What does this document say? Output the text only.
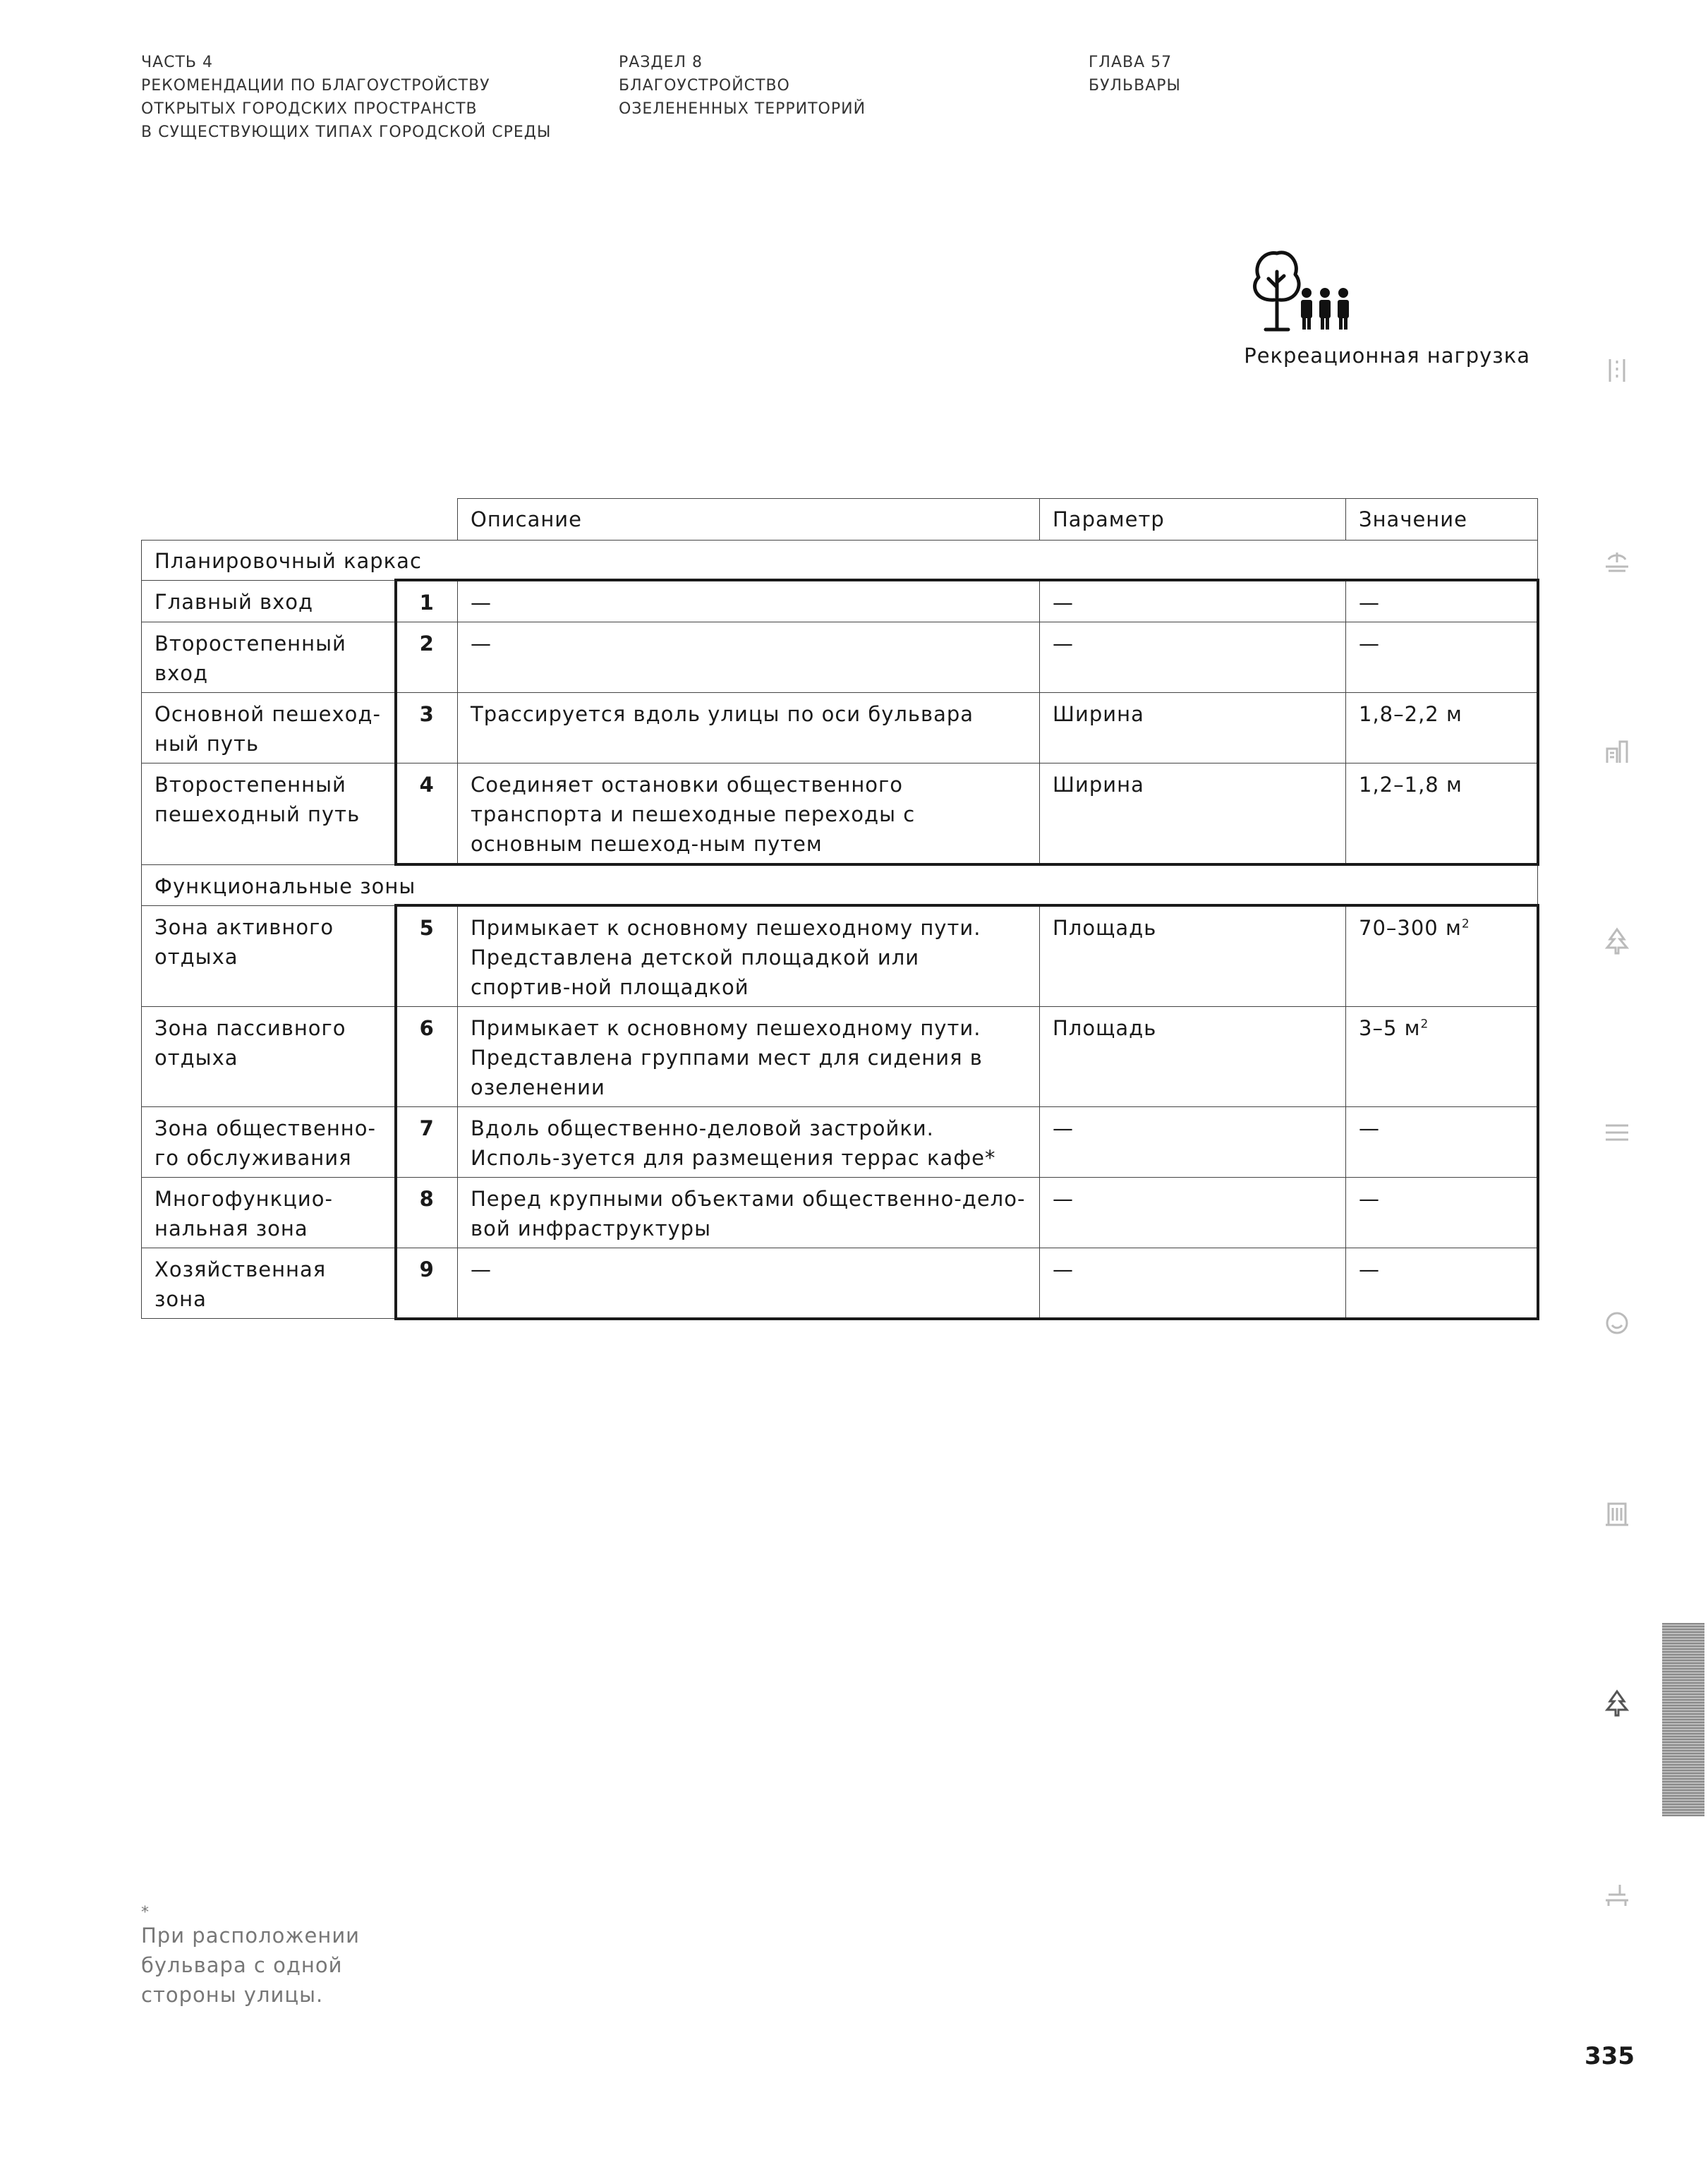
ЧАСТЬ 4
РЕКОМЕНДАЦИИ ПО БЛАГОУСТРОЙСТВУ
ОТКРЫТЫХ ГОРОДСКИХ ПРОСТРАНСТВ
В СУЩЕСТВУЮЩИХ ТИПАХ ГОРОДСКОЙ СРЕДЫ
РАЗДЕЛ 8
БЛАГОУСТРОЙСТВО
ОЗЕЛЕНЕННЫХ ТЕРРИТОРИЙ
ГЛАВА 57
БУЛЬВАРЫ
Рекреационная нагрузка
		Описание	Параметр	Значение
Планировочный каркас				
Главный вход	1	—	—	—
Второстепенный вход	2	—	—	—
Основной пешеход-ный путь	3	Трассируется вдоль улицы по оси бульвара	Ширина	1,8–2,2 м
Второстепенный пешеходный путь	4	Соединяет остановки общественного транспорта и пешеходные переходы с основным пешеход-ным путем	Ширина	1,2–1,8 м
Функциональные зоны				
Зона активного отдыха	5	Примыкает к основному пешеходному пути. Представлена детской площадкой или спортив-ной площадкой	Площадь	70–300 $м^2$
Зона пассивного отдыха	6	Примыкает к основному пешеходному пути. Представлена группами мест для сидения в озеленении	Площадь	3–5 $м^2$
Зона общественно-го обслуживания	7	Вдоль общественно-деловой застройки. Исполь-зуется для размещения террас кафе*	—	—
Многофункцио-нальная зона	8	Перед крупными объектами общественно-дело-вой инфраструктуры	—	—
Хозяйственная зона	9	—	—	—
*
При расположении
бульвара с одной
стороны улицы.
335
